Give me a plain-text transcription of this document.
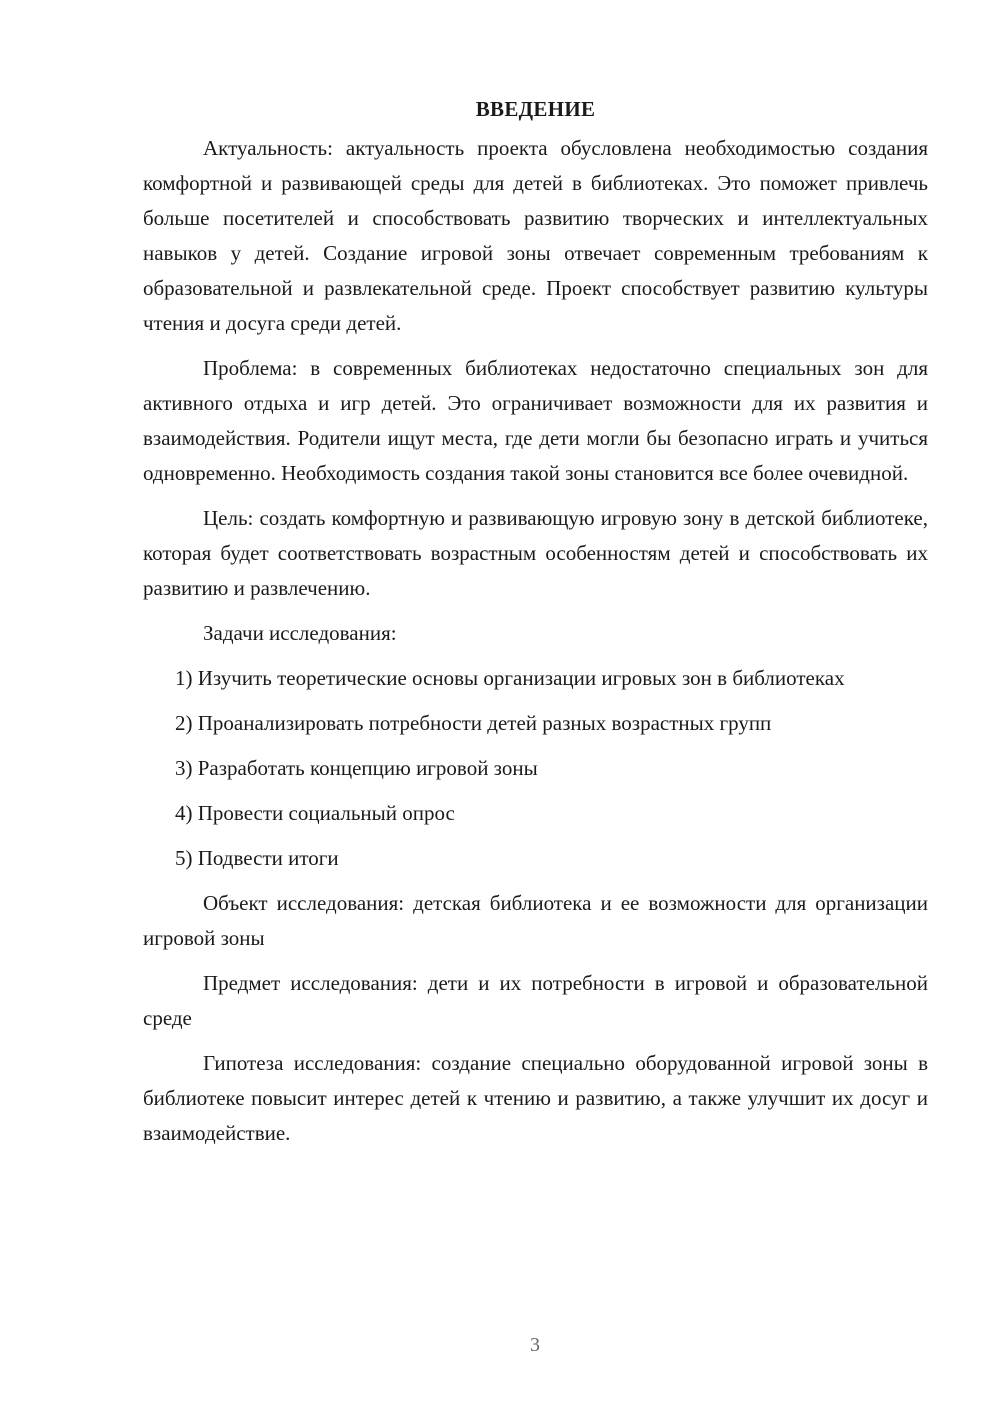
ВВЕДЕНИЕ

Актуальность: актуальность проекта обусловлена необходимостью создания комфортной и развивающей среды для детей в библиотеках. Это поможет привлечь больше посетителей и способствовать развитию творческих и интеллектуальных навыков у детей. Создание игровой зоны отвечает современным требованиям к образовательной и развлекательной среде. Проект способствует развитию культуры чтения и досуга среди детей.

Проблема: в современных библиотеках недостаточно специальных зон для активного отдыха и игр детей. Это ограничивает возможности для их развития и взаимодействия. Родители ищут места, где дети могли бы безопасно играть и учиться одновременно. Необходимость создания такой зоны становится все более очевидной.

Цель: создать комфортную и развивающую игровую зону в детской библиотеке, которая будет соответствовать возрастным особенностям детей и способствовать их развитию и развлечению.

Задачи исследования:

1) Изучить теоретические основы организации игровых зон в библиотеках

2) Проанализировать потребности детей разных возрастных групп

3) Разработать концепцию игровой зоны

4) Провести социальный опрос

5) Подвести итоги

Объект исследования: детская библиотека и ее возможности для организации игровой зоны

Предмет исследования: дети и их потребности в игровой и образовательной среде

Гипотеза исследования: создание специально оборудованной игровой зоны в библиотеке повысит интерес детей к чтению и развитию, а также улучшит их досуг и взаимодействие.

3
